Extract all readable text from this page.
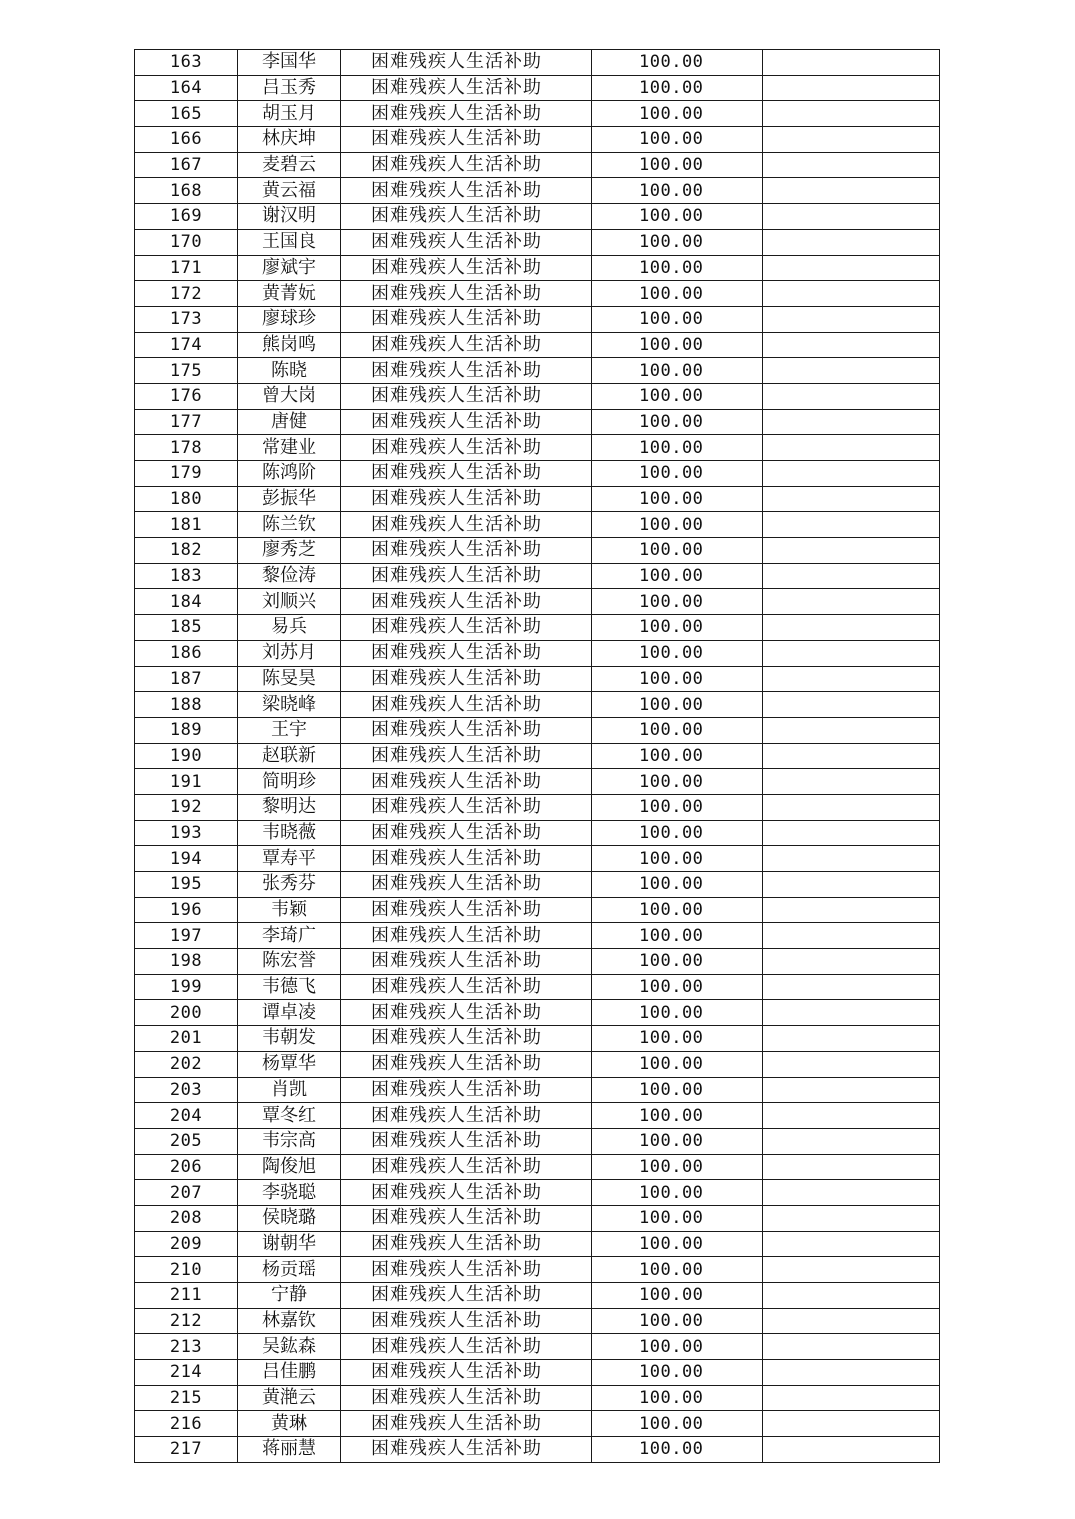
163	李国华	困难残疾人生活补助	100.00	
164	吕玉秀	困难残疾人生活补助	100.00	
165	胡玉月	困难残疾人生活补助	100.00	
166	林庆坤	困难残疾人生活补助	100.00	
167	麦碧云	困难残疾人生活补助	100.00	
168	黄云福	困难残疾人生活补助	100.00	
169	谢汉明	困难残疾人生活补助	100.00	
170	王国良	困难残疾人生活补助	100.00	
171	廖斌宇	困难残疾人生活补助	100.00	
172	黄菁妧	困难残疾人生活补助	100.00	
173	廖球珍	困难残疾人生活补助	100.00	
174	熊岗鸣	困难残疾人生活补助	100.00	
175	陈晓	困难残疾人生活补助	100.00	
176	曾大岗	困难残疾人生活补助	100.00	
177	唐健	困难残疾人生活补助	100.00	
178	常建业	困难残疾人生活补助	100.00	
179	陈鸿阶	困难残疾人生活补助	100.00	
180	彭振华	困难残疾人生活补助	100.00	
181	陈兰钦	困难残疾人生活补助	100.00	
182	廖秀芝	困难残疾人生活补助	100.00	
183	黎俭涛	困难残疾人生活补助	100.00	
184	刘顺兴	困难残疾人生活补助	100.00	
185	易兵	困难残疾人生活补助	100.00	
186	刘苏月	困难残疾人生活补助	100.00	
187	陈旻昊	困难残疾人生活补助	100.00	
188	梁晓峰	困难残疾人生活补助	100.00	
189	王宇	困难残疾人生活补助	100.00	
190	赵联新	困难残疾人生活补助	100.00	
191	简明珍	困难残疾人生活补助	100.00	
192	黎明达	困难残疾人生活补助	100.00	
193	韦晓薇	困难残疾人生活补助	100.00	
194	覃寿平	困难残疾人生活补助	100.00	
195	张秀芬	困难残疾人生活补助	100.00	
196	韦颖	困难残疾人生活补助	100.00	
197	李琦广	困难残疾人生活补助	100.00	
198	陈宏誉	困难残疾人生活补助	100.00	
199	韦德飞	困难残疾人生活补助	100.00	
200	谭卓凌	困难残疾人生活补助	100.00	
201	韦朝发	困难残疾人生活补助	100.00	
202	杨覃华	困难残疾人生活补助	100.00	
203	肖凯	困难残疾人生活补助	100.00	
204	覃冬红	困难残疾人生活补助	100.00	
205	韦宗高	困难残疾人生活补助	100.00	
206	陶俊旭	困难残疾人生活补助	100.00	
207	李骁聪	困难残疾人生活补助	100.00	
208	侯晓璐	困难残疾人生活补助	100.00	
209	谢朝华	困难残疾人生活补助	100.00	
210	杨贡瑶	困难残疾人生活补助	100.00	
211	宁静	困难残疾人生活补助	100.00	
212	林嘉钦	困难残疾人生活补助	100.00	
213	吴鈜森	困难残疾人生活补助	100.00	
214	吕佳鹏	困难残疾人生活补助	100.00	
215	黄滟云	困难残疾人生活补助	100.00	
216	黄琳	困难残疾人生活补助	100.00	
217	蒋丽慧	困难残疾人生活补助	100.00	
